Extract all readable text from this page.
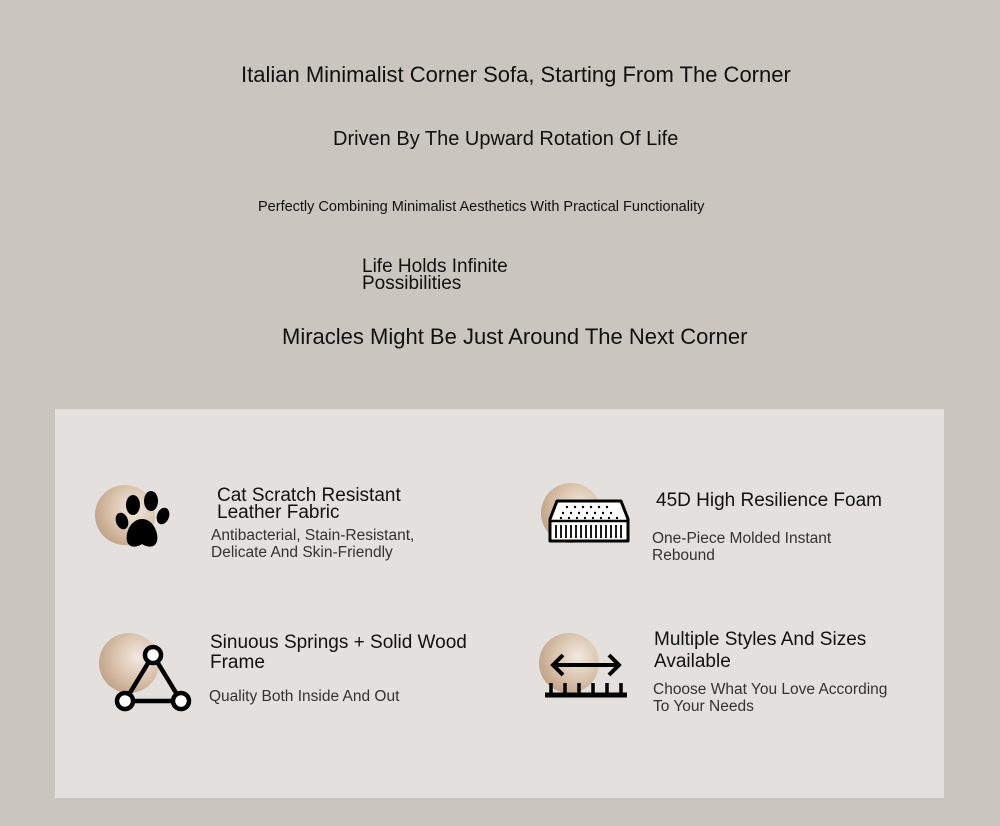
Italian Minimalist Corner Sofa, Starting From The Corner
Driven By The Upward Rotation Of Life
Perfectly Combining Minimalist Aesthetics With Practical Functionality
Life Holds Infinite Possibilities
Miracles Might Be Just Around The Next Corner
Cat Scratch Resistant Leather Fabric
Antibacterial, Stain-Resistant, Delicate And Skin-Friendly
45D High Resilience Foam
One-Piece Molded Instant Rebound
Sinuous Springs + Solid Wood Frame
Quality Both Inside And Out
Multiple Styles And Sizes Available
Choose What You Love According To Your Needs
